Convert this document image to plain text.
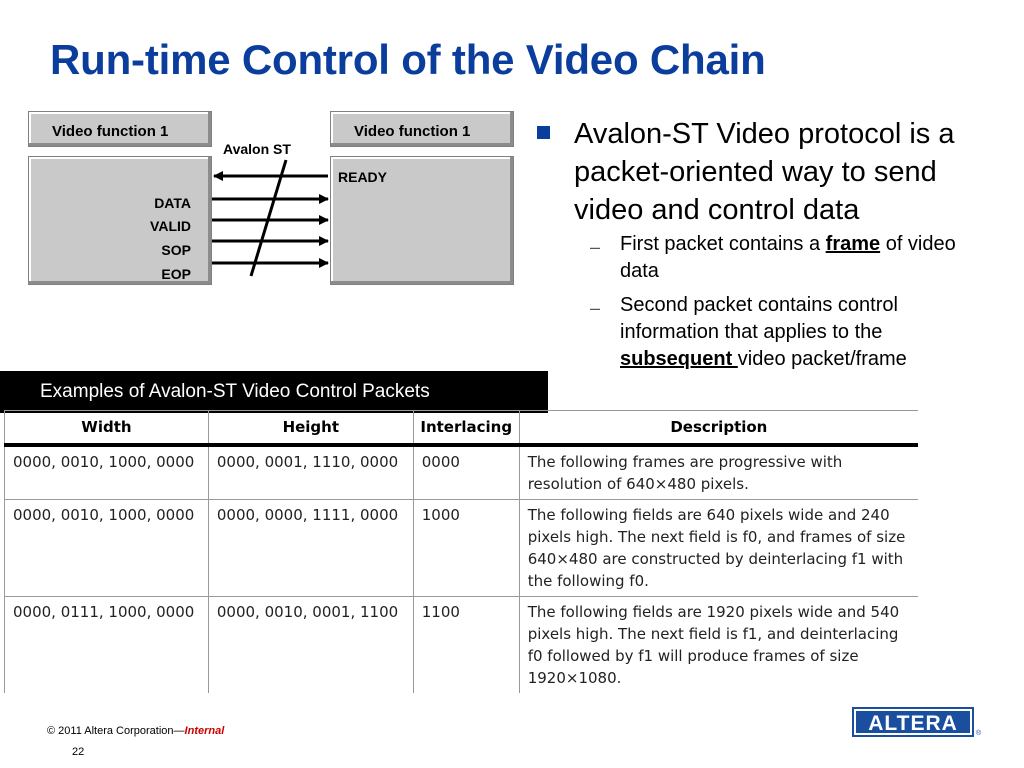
Run-time Control of the Video Chain
Video function 1
DATA
VALID
SOP
EOP
Video function 1
READY
Avalon ST	Avalon-ST Video protocol is a packet-oriented way to send video and control data
– First packet contains a frame of video data
– Second packet contains control information that applies to the subsequent video packet/frame
Examples of Avalon-ST Video Control Packets
Width	Height	Interlacing	Description
0000, 0010, 1000, 0000	0000, 0001, 1110, 0000	0000	The following frames are progressive with resolution of 640×480 pixels.
0000, 0010, 1000, 0000	0000, 0000, 1111, 0000	1000	The following fields are 640 pixels wide and 240 pixels high. The next field is f0, and frames of size 640×480 are constructed by deinterlacing f1 with the following f0.
0000, 0111, 1000, 0000	0000, 0010, 0001, 1100	1100	The following fields are 1920 pixels wide and 540 pixels high. The next field is f1, and deinterlacing f0 followed by f1 will produce frames of size 1920×1080.
© 2011 Altera Corporation—Internal
22
ALTERA	®
